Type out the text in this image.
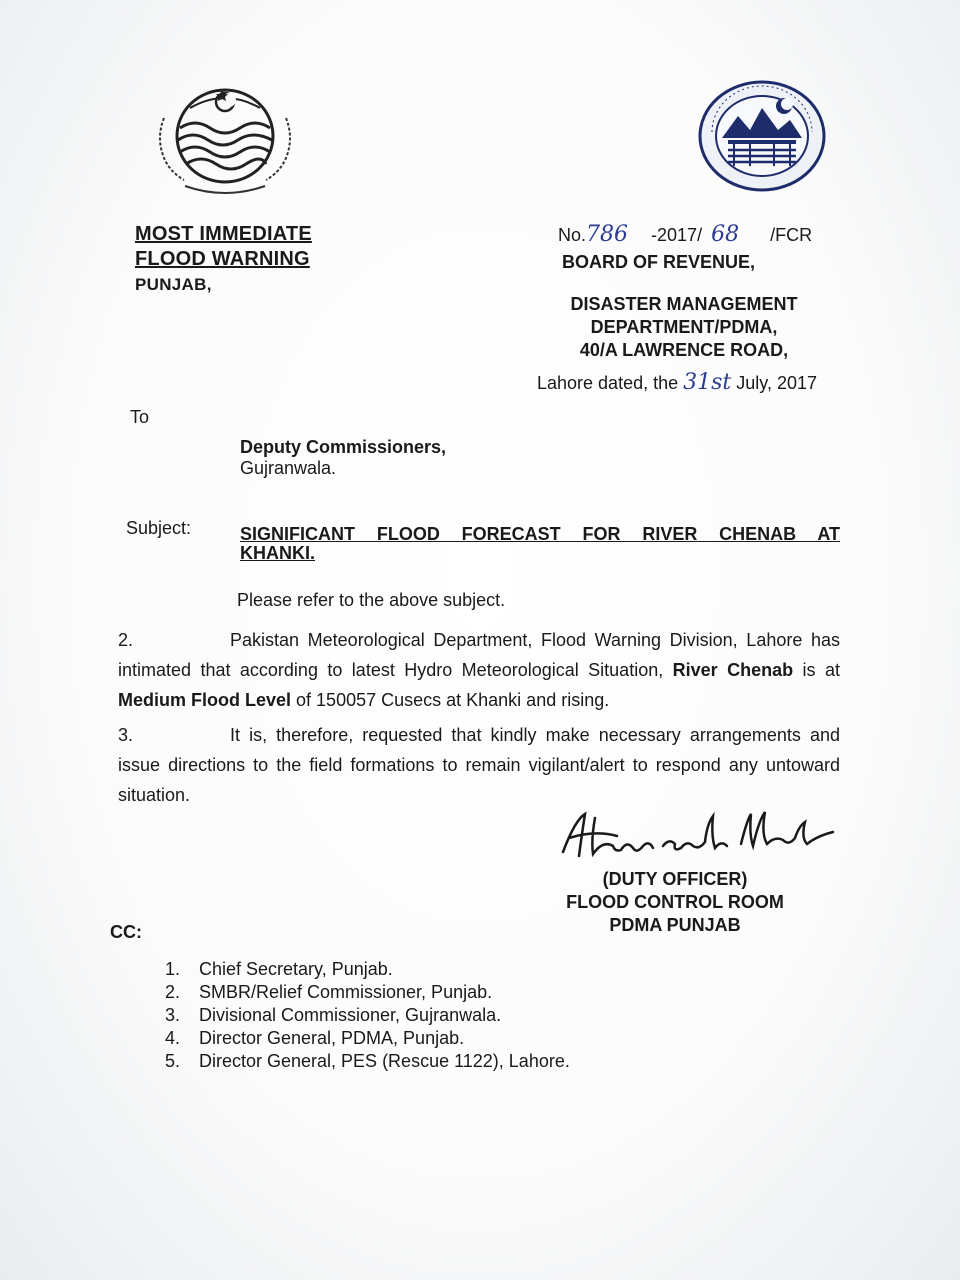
MOST IMMEDIATE
FLOOD WARNING
PUNJAB,
No.786 -2017/ 68 /FCR
BOARD OF REVENUE,
DISASTER MANAGEMENT
DEPARTMENT/PDMA,
40/A LAWRENCE ROAD,
Lahore dated, the 31st July, 2017
To
Deputy Commissioners,
Gujranwala.
Subject:	SIGNIFICANT FLOOD FORECAST FOR RIVER CHENAB AT KHANKI.
Please refer to the above subject.
2.	Pakistan Meteorological Department, Flood Warning Division, Lahore has intimated that according to latest Hydro Meteorological Situation, River Chenab is at Medium Flood Level of 150057 Cusecs at Khanki and rising.
3.	It is, therefore, requested that kindly make necessary arrangements and issue directions to the field formations to remain vigilant/alert to respond any untoward situation.
(DUTY OFFICER)
FLOOD CONTROL ROOM
PDMA PUNJAB
CC:
1. Chief Secretary, Punjab.
2. SMBR/Relief Commissioner, Punjab.
3. Divisional Commissioner, Gujranwala.
4. Director General, PDMA, Punjab.
5. Director General, PES (Rescue 1122), Lahore.
